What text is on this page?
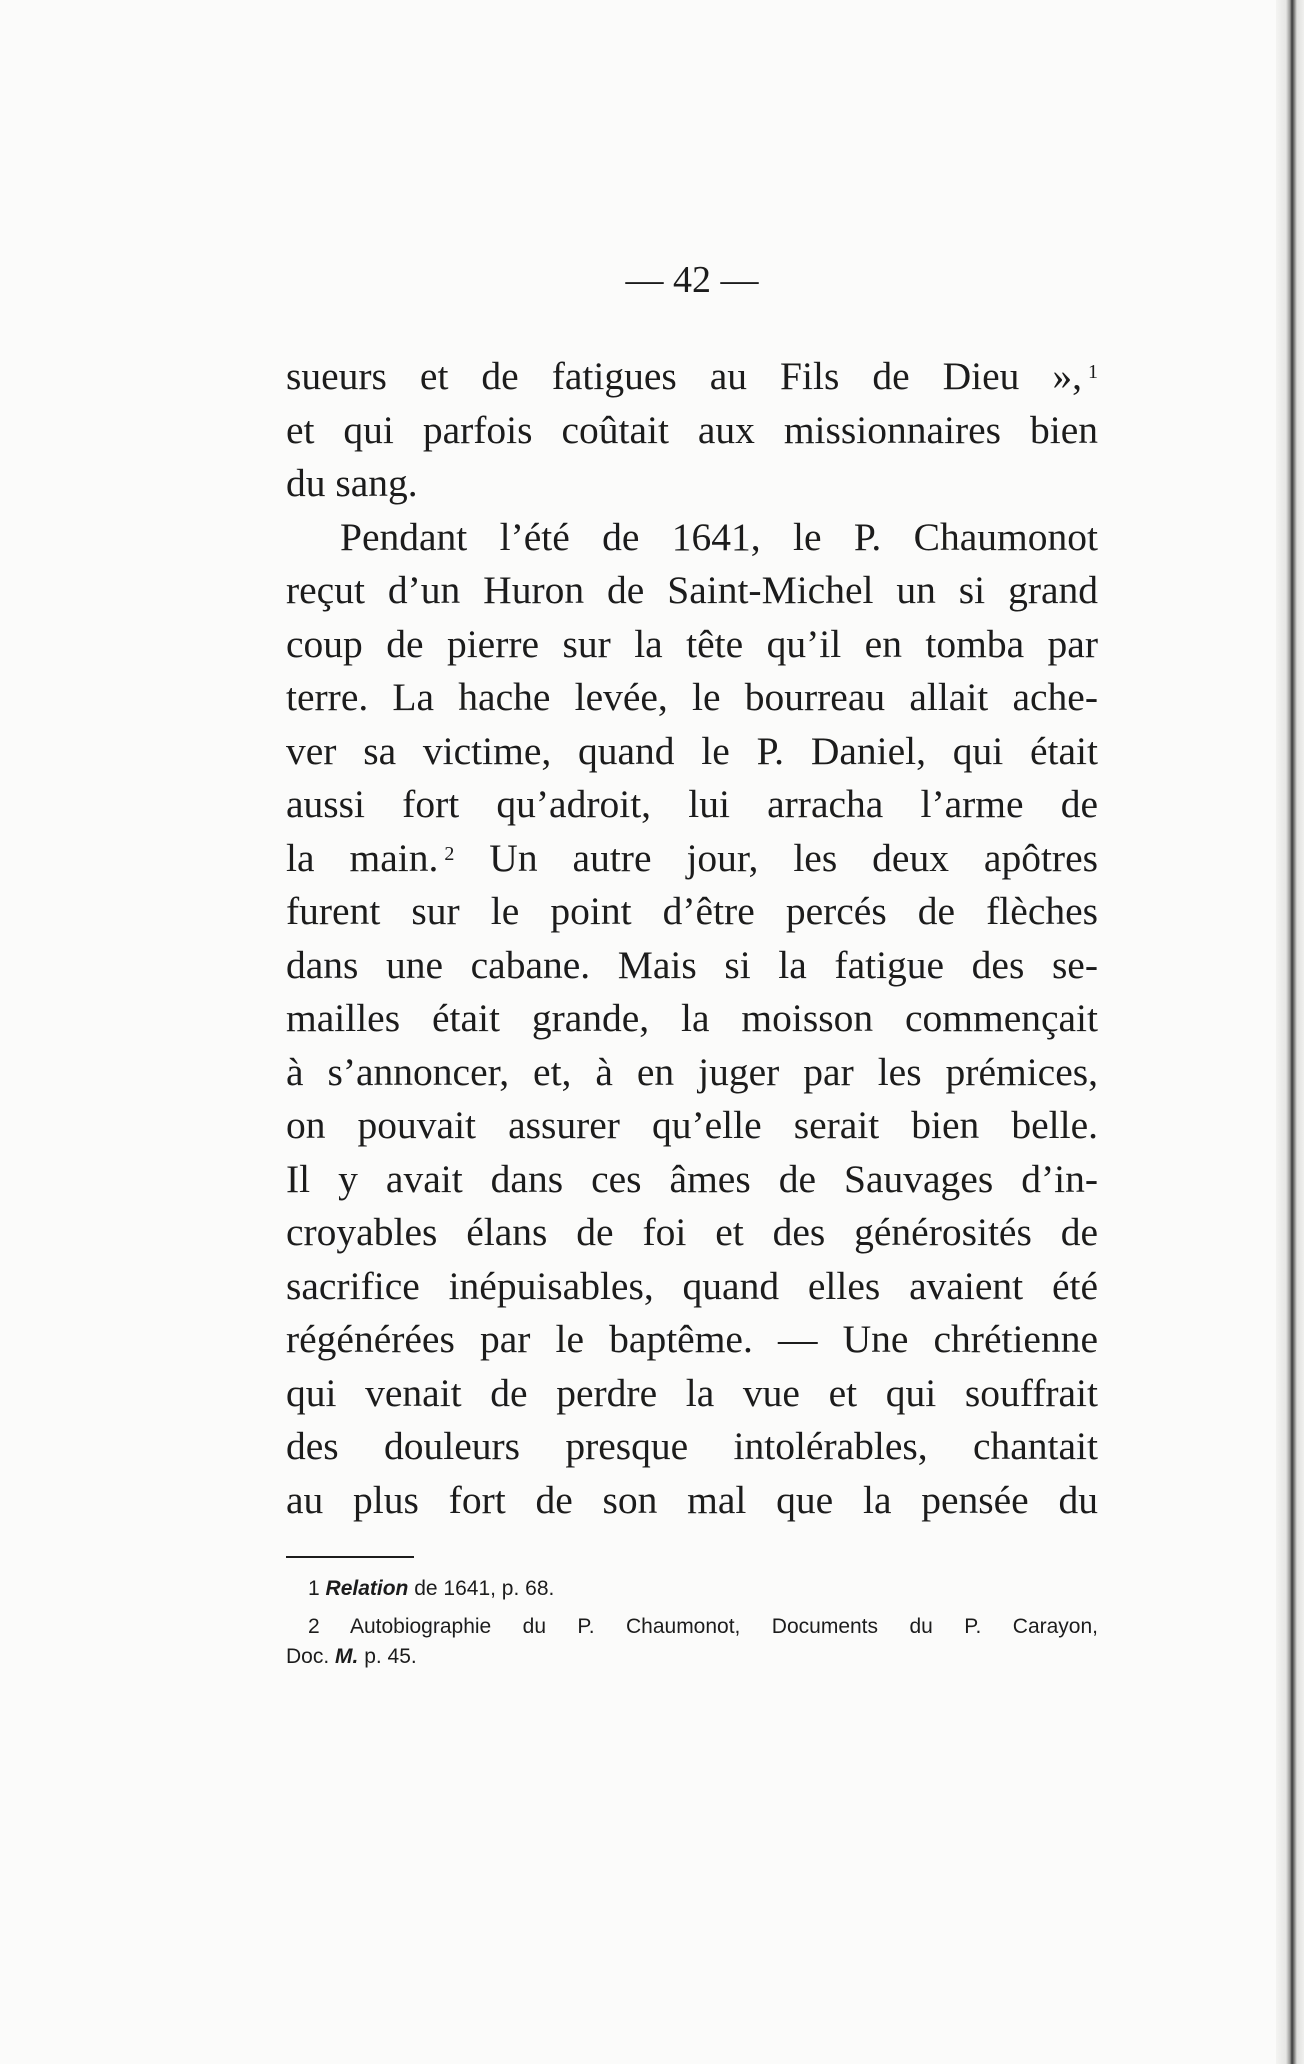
— 42 —
sueurs et de fatigues au Fils de Dieu », $^1$
et qui parfois coûtait aux missionnaires bien
du sang.
Pendant l’été de 1641, le P. Chaumonot
reçut d’un Huron de Saint-Michel un si grand
coup de pierre sur la tête qu’il en tomba par
terre. La hache levée, le bourreau allait ache-
ver sa victime, quand le P. Daniel, qui était
aussi fort qu’adroit, lui arracha l’arme de
la main. $^2$ Un autre jour, les deux apôtres
furent sur le point d’être percés de flèches
dans une cabane. Mais si la fatigue des se-
mailles était grande, la moisson commençait
à s’annoncer, et, à en juger par les prémices,
on pouvait assurer qu’elle serait bien belle.
Il y avait dans ces âmes de Sauvages d’in-
croyables élans de foi et des générosités de
sacrifice inépuisables, quand elles avaient été
régénérées par le baptême. — Une chrétienne
qui venait de perdre la vue et qui souffrait
des douleurs presque intolérables, chantait
au plus fort de son mal que la pensée du
1 Relation de 1641, p. 68.
2 Autobiographie du P. Chaumonot, Documents du P. Carayon,
Doc. M. p. 45.
